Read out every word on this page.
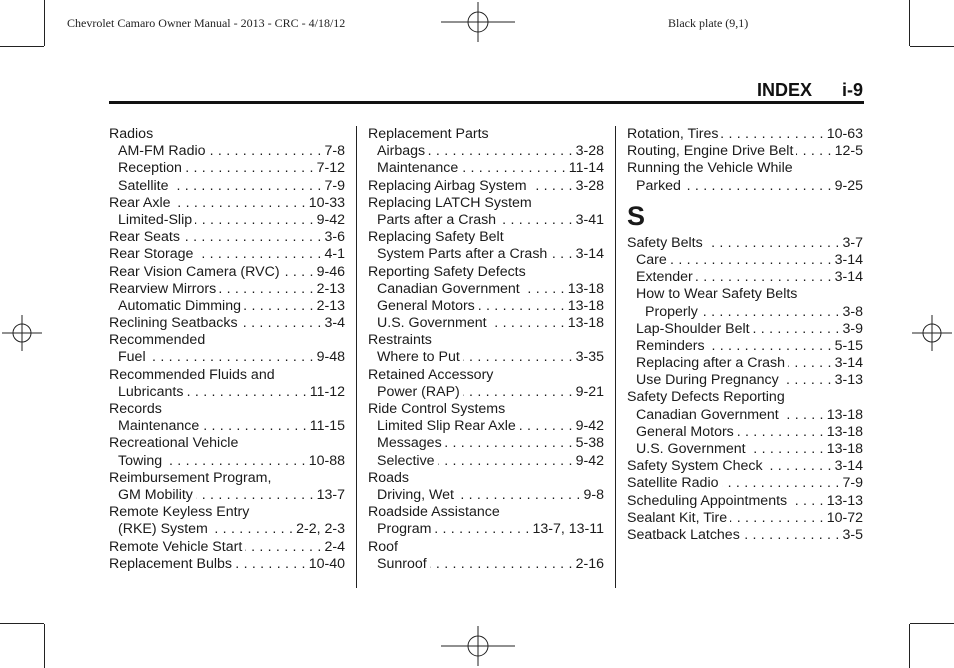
Chevrolet Camaro Owner Manual - 2013 - CRC - 4/18/12	Black plate (9,1)
INDEX i-9
Radios
AM-FM Radio . . .	7-8
Reception . . .	7-12
Satellite . . .	7-9
Rear Axle . . .	10-33
Limited-Slip . . .	9-42
Rear Seats . . .	3-6
Rear Storage . . .	4-1
Rear Vision Camera (RVC) . . .	9-46
Rearview Mirrors . . .	2-13
Automatic Dimming . . .	2-13
Reclining Seatbacks . . .	3-4
Recommended
Fuel . . .	9-48
Recommended Fluids and
Lubricants . . .	11-12
Records
Maintenance . . .	11-15
Recreational Vehicle
Towing . . .	10-88
Reimbursement Program,
GM Mobility . . .	13-7
Remote Keyless Entry
(RKE) System . . .	2-2, 2-3
Remote Vehicle Start . . .	2-4
Replacement Bulbs . . .	10-40
Replacement Parts
Airbags . . .	3-28
Maintenance . . .	11-14
Replacing Airbag System . . .	3-28
Replacing LATCH System
Parts after a Crash . . .	3-41
Replacing Safety Belt
System Parts after a Crash . . . 3-14
Reporting Safety Defects
Canadian Government . . .	13-18
General Motors . . .	13-18
U.S. Government . . .	13-18
Restraints
Where to Put . . .	3-35
Retained Accessory
Power (RAP) . . .	9-21
Ride Control Systems
Limited Slip Rear Axle . . .	9-42
Messages . . .	5-38
Selective . . .	9-42
Roads
Driving, Wet . . .	9-8
Roadside Assistance
Program . . .	13-7, 13-11
Roof
Sunroof . . .	2-16
Rotation, Tires . . .	10-63
Routing, Engine Drive Belt . . .	12-5
Running the Vehicle While
Parked . . .	9-25
S
Safety Belts . . .	3-7
Care . . .	3-14
Extender . . .	3-14
How to Wear Safety Belts
Properly . . .	3-8
Lap-Shoulder Belt . . .	3-9
Reminders . . .	5-15
Replacing after a Crash . . .	3-14
Use During Pregnancy . . .	3-13
Safety Defects Reporting
Canadian Government . . .	13-18
General Motors . . .	13-18
U.S. Government . . .	13-18
Safety System Check . . .	3-14
Satellite Radio . . .	7-9
Scheduling Appointments . . .	13-13
Sealant Kit, Tire . . .	10-72
Seatback Latches . . .	3-5
